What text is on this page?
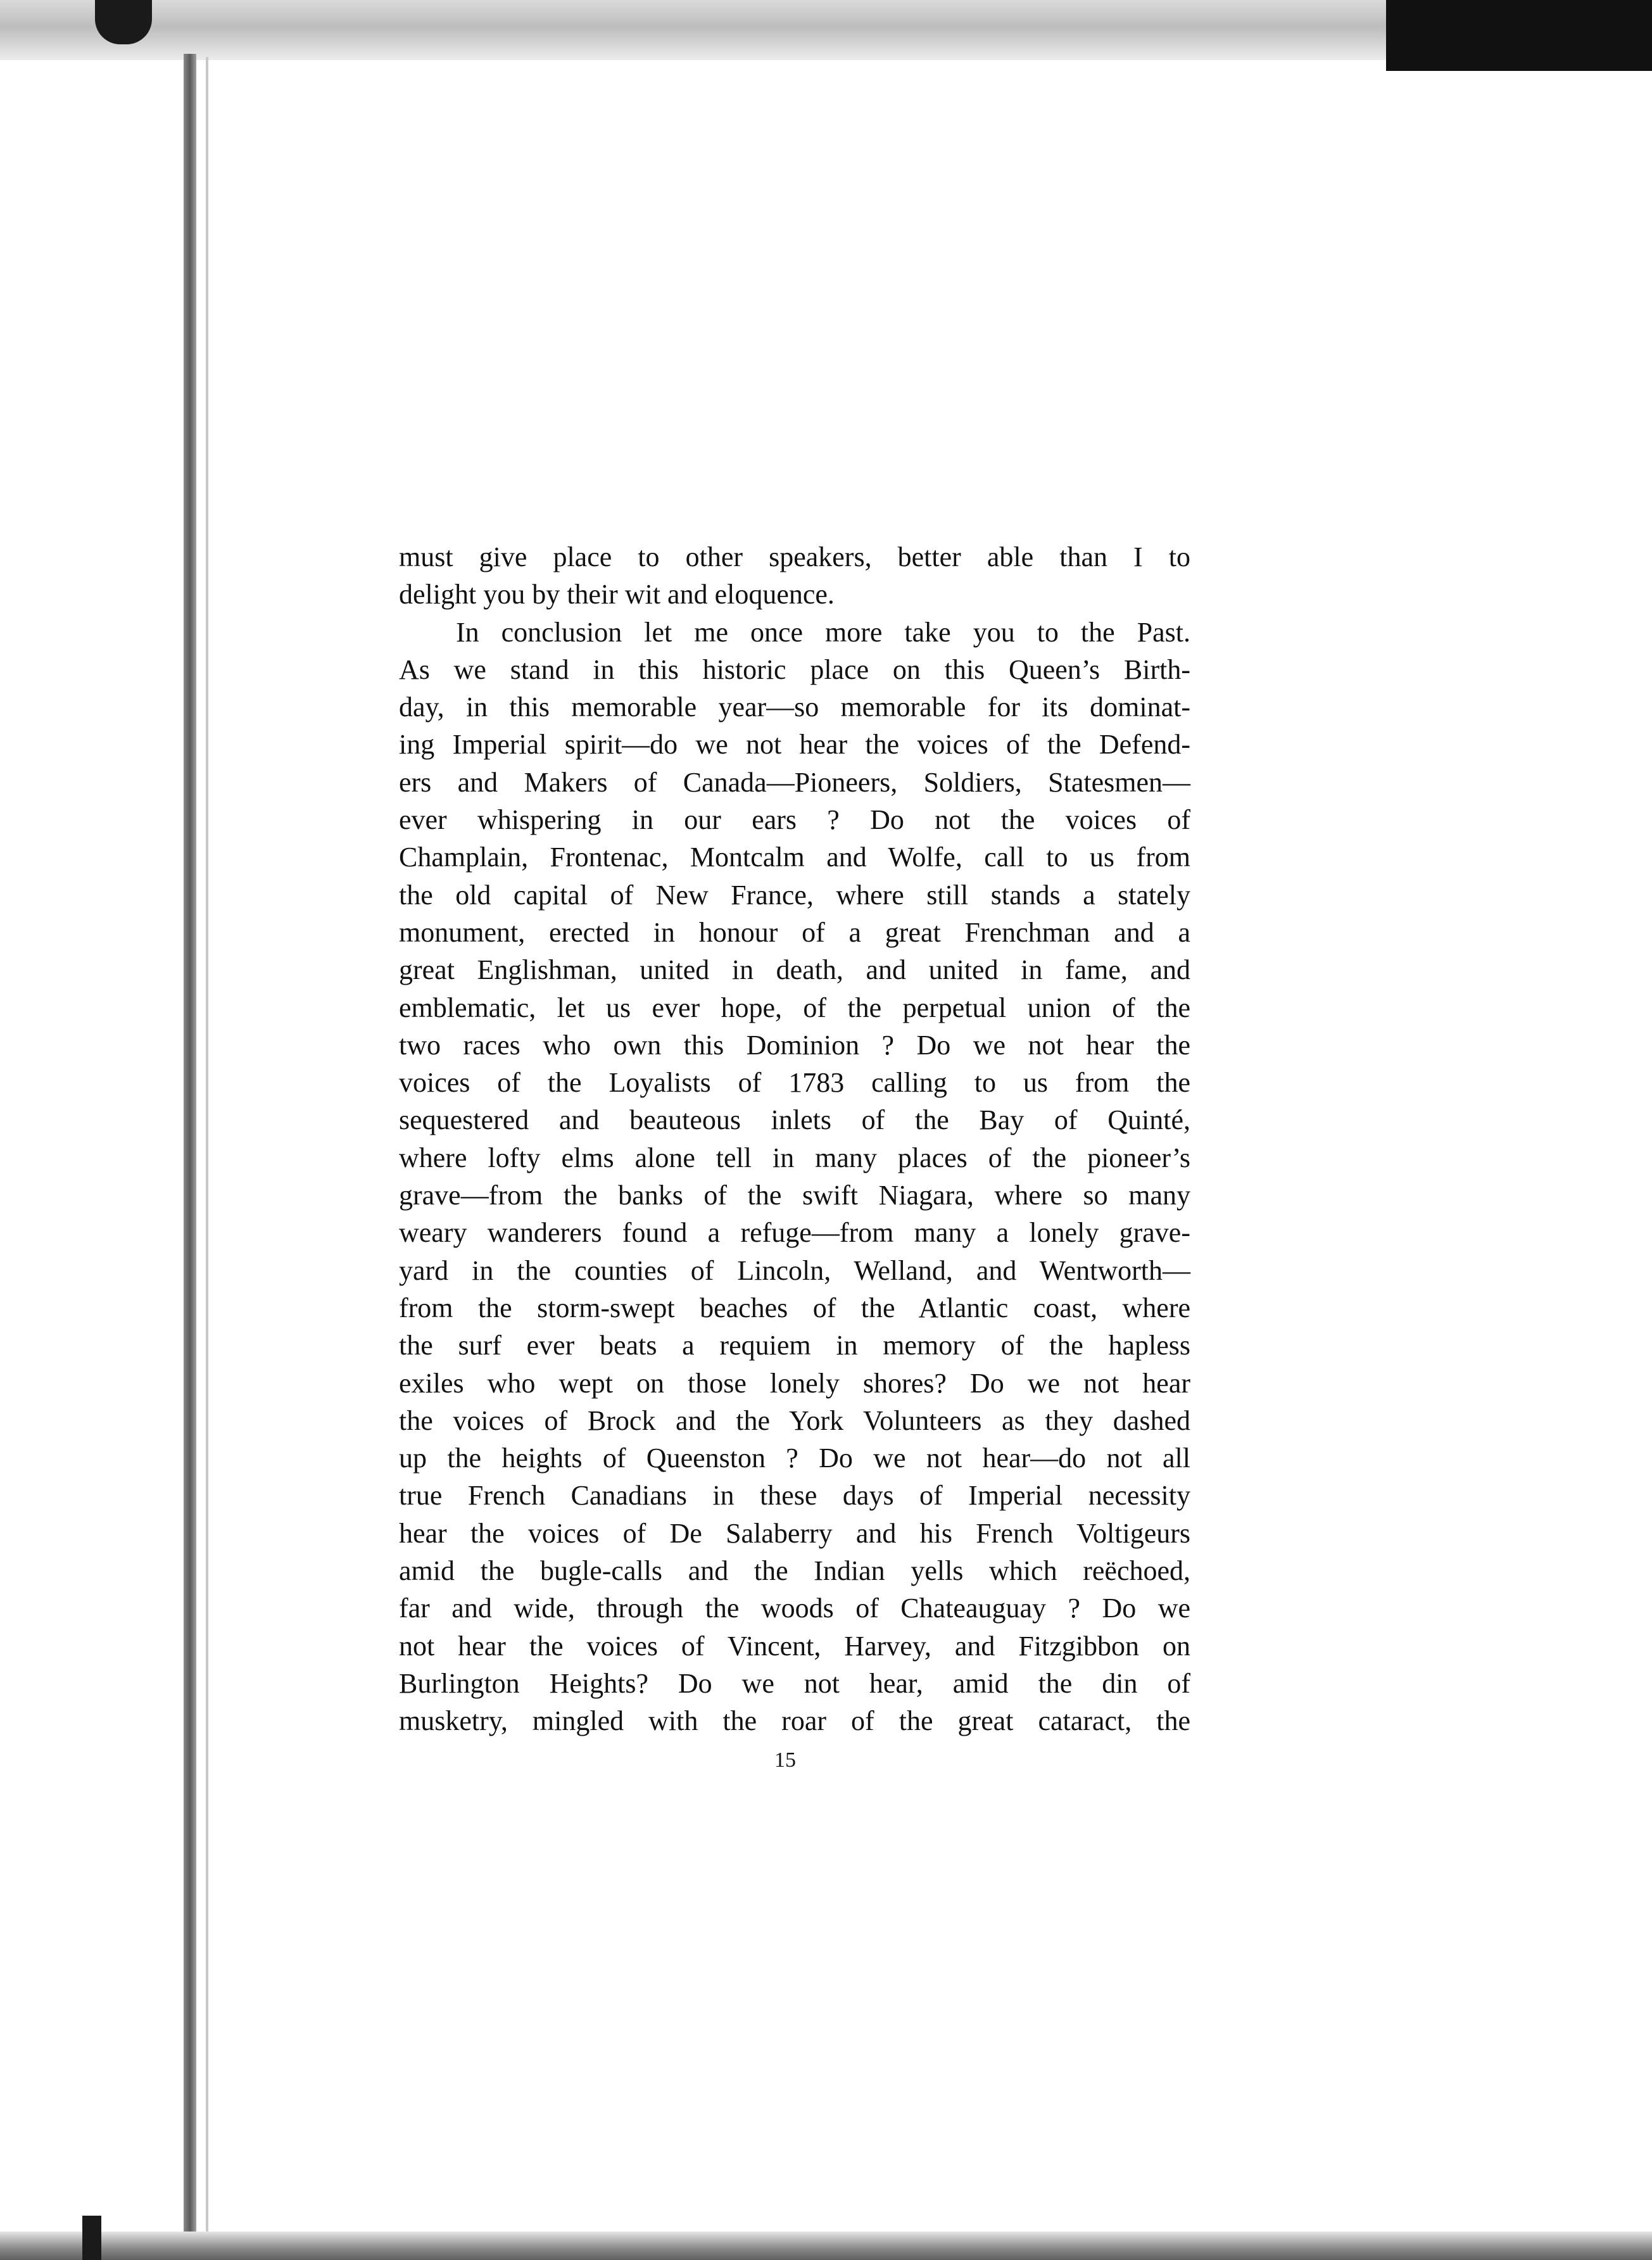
must give place to other speakers, better able than I to
delight you by their wit and eloquence.
In conclusion let me once more take you to the Past.
As we stand in this historic place on this Queen’s Birth-
day, in this memorable year—so memorable for its dominat-
ing Imperial spirit—do we not hear the voices of the Defend-
ers and Makers of Canada—Pioneers, Soldiers, Statesmen—
ever whispering in our ears ? Do not the voices of
Champlain, Frontenac, Montcalm and Wolfe, call to us from
the old capital of New France, where still stands a stately
monument, erected in honour of a great Frenchman and a
great Englishman, united in death, and united in fame, and
emblematic, let us ever hope, of the perpetual union of the
two races who own this Dominion ? Do we not hear the
voices of the Loyalists of 1783 calling to us from the
sequestered and beauteous inlets of the Bay of Quinté,
where lofty elms alone tell in many places of the pioneer’s
grave—from the banks of the swift Niagara, where so many
weary wanderers found a refuge—from many a lonely grave-
yard in the counties of Lincoln, Welland, and Wentworth—
from the storm-swept beaches of the Atlantic coast, where
the surf ever beats a requiem in memory of the hapless
exiles who wept on those lonely shores? Do we not hear
the voices of Brock and the York Volunteers as they dashed
up the heights of Queenston ? Do we not hear—do not all
true French Canadians in these days of Imperial necessity
hear the voices of De Salaberry and his French Voltigeurs
amid the bugle-calls and the Indian yells which reëchoed,
far and wide, through the woods of Chateauguay ? Do we
not hear the voices of Vincent, Harvey, and Fitzgibbon on
Burlington Heights? Do we not hear, amid the din of
musketry, mingled with the roar of the great cataract, the
15
